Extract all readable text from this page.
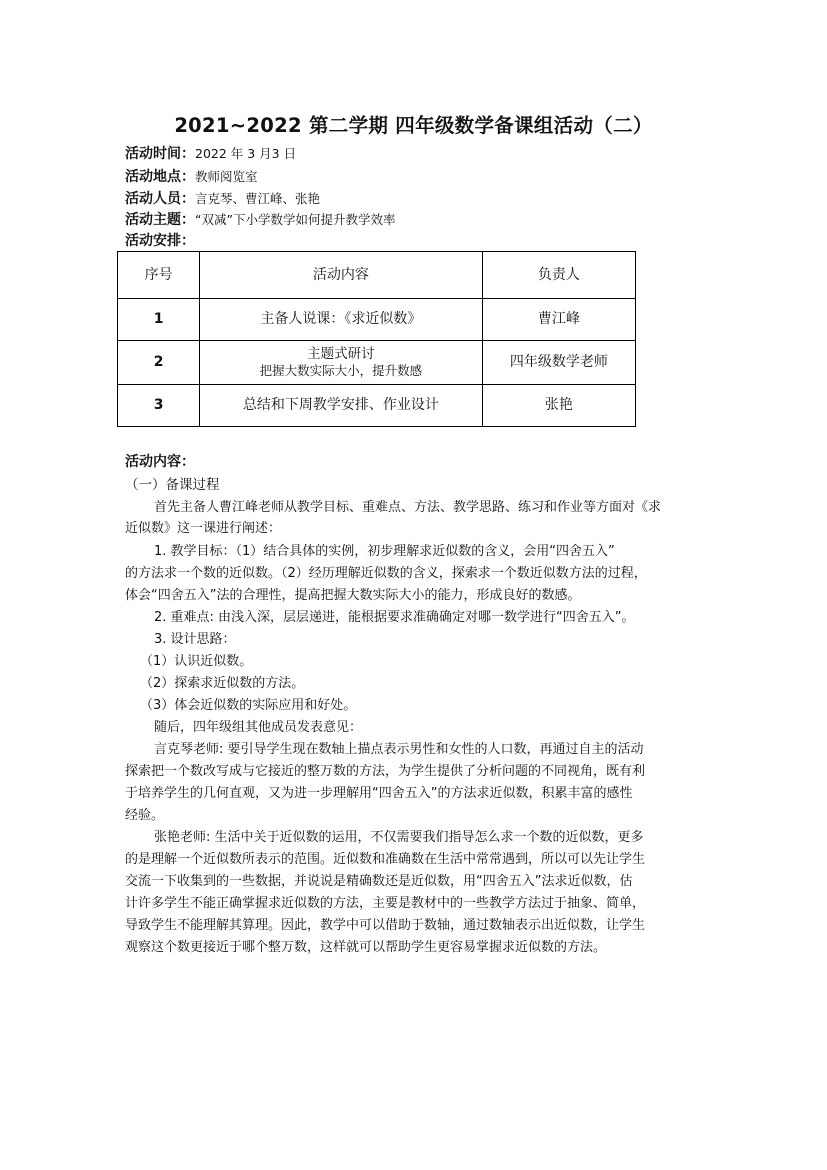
2021~2022 第二学期 四年级数学备课组活动（二）
活动时间：2022 年 3 月3 日
活动地点：教师阅览室
活动人员：言克琴、曹江峰、张艳
活动主题：“双减”下小学数学如何提升教学效率
活动安排：
序号	活动内容	负责人
1	主备人说课：《求近似数》	曹江峰
2	主题式研讨
把握大数实际大小，提升数感	四年级数学老师
3	总结和下周教学安排、作业设计	张艳
活动内容：
（一）备课过程
首先主备人曹江峰老师从教学目标、重难点、方法、教学思路、练习和作业等方面对《求
近似数》这一课进行阐述：
1. 教学目标：（1）结合具体的实例，初步理解求近似数的含义，会用“四舍五入”
的方法求一个数的近似数。（2）经历理解近似数的含义，探索求一个数近似数方法的过程，
体会“四舍五入”法的合理性，提高把握大数实际大小的能力，形成良好的数感。
2. 重难点: 由浅入深，层层递进，能根据要求准确确定对哪一数学进行“四舍五入”。
3. 设计思路：
（1）认识近似数。
（2）探索求近似数的方法。
（3）体会近似数的实际应用和好处。
随后，四年级组其他成员发表意见：
言克琴老师: 要引导学生现在数轴上描点表示男性和女性的人口数，再通过自主的活动
探索把一个数改写成与它接近的整万数的方法，为学生提供了分析问题的不同视角，既有利
于培养学生的几何直观，又为进一步理解用“四舍五入”的方法求近似数，积累丰富的感性
经验。
张艳老师: 生活中关于近似数的运用，不仅需要我们指导怎么求一个数的近似数，更多
的是理解一个近似数所表示的范围。近似数和准确数在生活中常常遇到，所以可以先让学生
交流一下收集到的一些数据，并说说是精确数还是近似数，用“四舍五入”法求近似数，估
计许多学生不能正确掌握求近似数的方法，主要是教材中的一些教学方法过于抽象、简单，
导致学生不能理解其算理。因此，教学中可以借助于数轴，通过数轴表示出近似数，让学生
观察这个数更接近于哪个整万数，这样就可以帮助学生更容易掌握求近似数的方法。
